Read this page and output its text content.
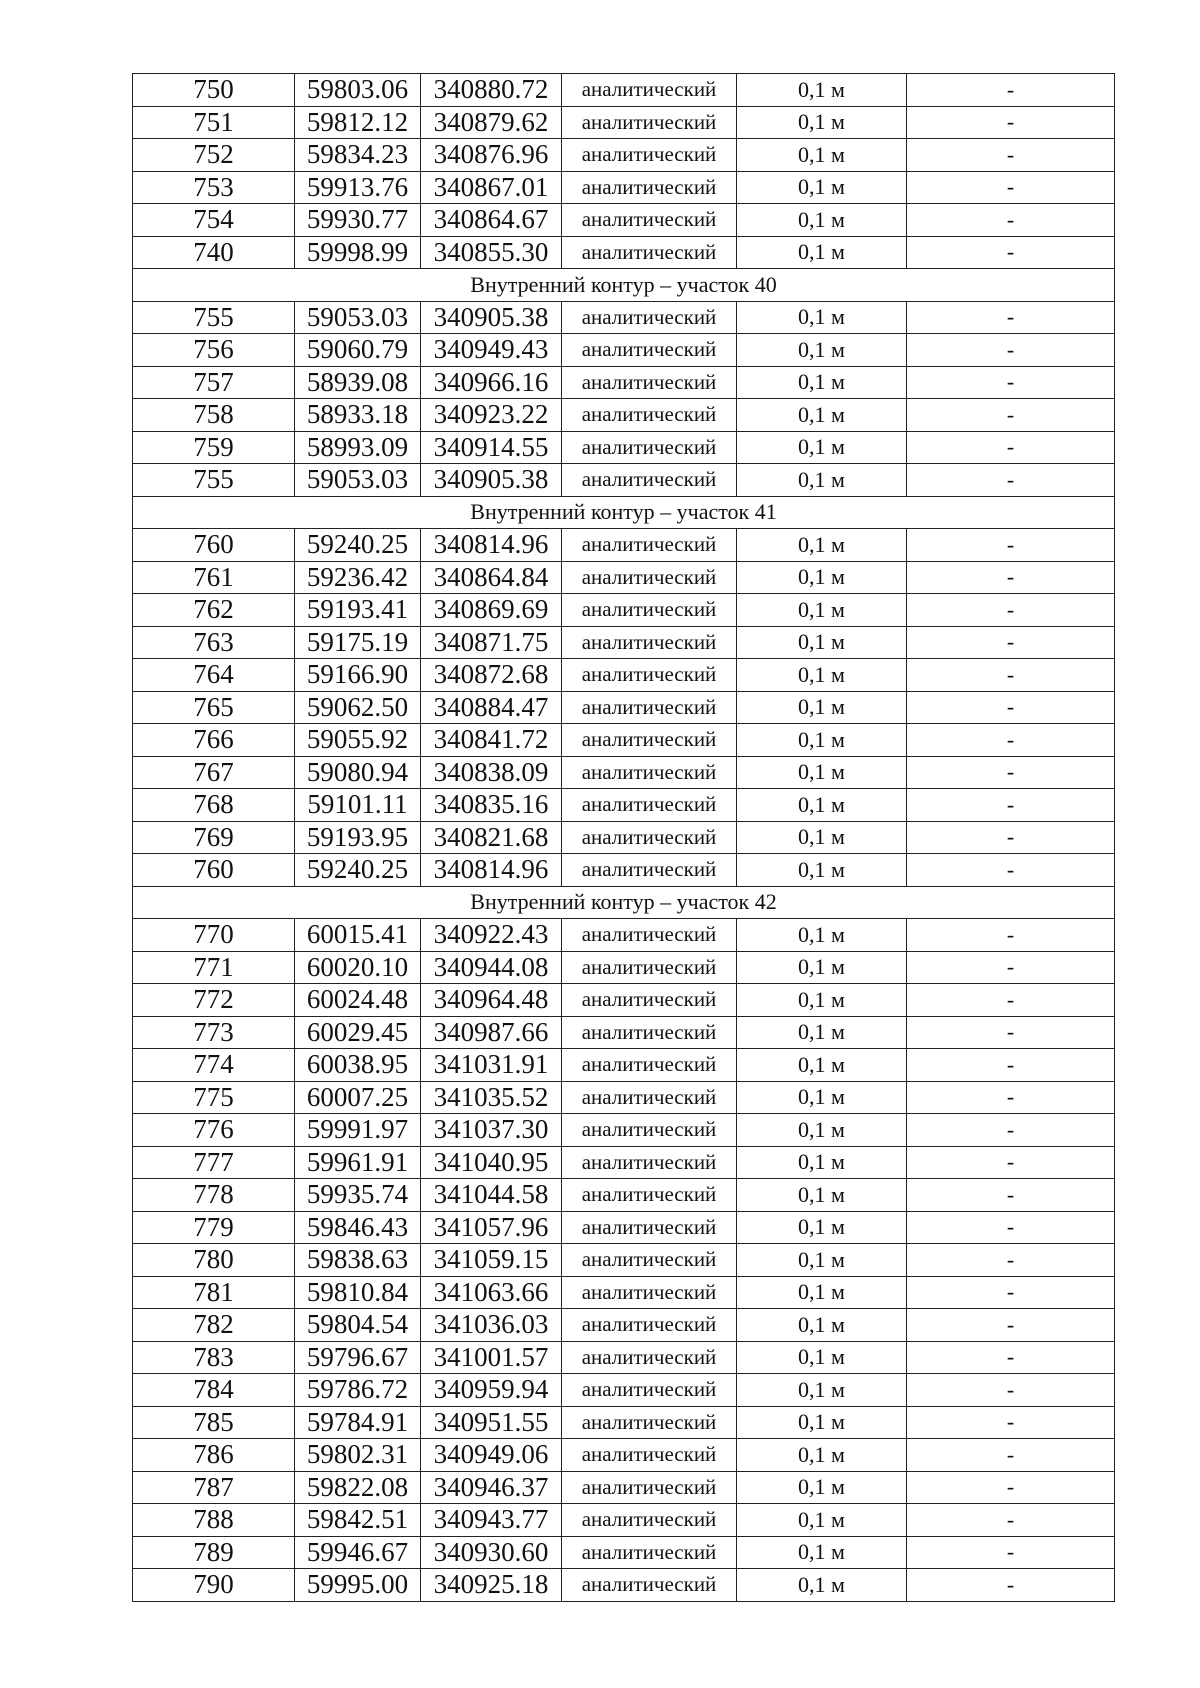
750	59803.06	340880.72	аналитический	0,1 м	-
751	59812.12	340879.62	аналитический	0,1 м	-
752	59834.23	340876.96	аналитический	0,1 м	-
753	59913.76	340867.01	аналитический	0,1 м	-
754	59930.77	340864.67	аналитический	0,1 м	-
740	59998.99	340855.30	аналитический	0,1 м	-
Внутренний контур – участок 40					
755	59053.03	340905.38	аналитический	0,1 м	-
756	59060.79	340949.43	аналитический	0,1 м	-
757	58939.08	340966.16	аналитический	0,1 м	-
758	58933.18	340923.22	аналитический	0,1 м	-
759	58993.09	340914.55	аналитический	0,1 м	-
755	59053.03	340905.38	аналитический	0,1 м	-
Внутренний контур – участок 41					
760	59240.25	340814.96	аналитический	0,1 м	-
761	59236.42	340864.84	аналитический	0,1 м	-
762	59193.41	340869.69	аналитический	0,1 м	-
763	59175.19	340871.75	аналитический	0,1 м	-
764	59166.90	340872.68	аналитический	0,1 м	-
765	59062.50	340884.47	аналитический	0,1 м	-
766	59055.92	340841.72	аналитический	0,1 м	-
767	59080.94	340838.09	аналитический	0,1 м	-
768	59101.11	340835.16	аналитический	0,1 м	-
769	59193.95	340821.68	аналитический	0,1 м	-
760	59240.25	340814.96	аналитический	0,1 м	-
Внутренний контур – участок 42					
770	60015.41	340922.43	аналитический	0,1 м	-
771	60020.10	340944.08	аналитический	0,1 м	-
772	60024.48	340964.48	аналитический	0,1 м	-
773	60029.45	340987.66	аналитический	0,1 м	-
774	60038.95	341031.91	аналитический	0,1 м	-
775	60007.25	341035.52	аналитический	0,1 м	-
776	59991.97	341037.30	аналитический	0,1 м	-
777	59961.91	341040.95	аналитический	0,1 м	-
778	59935.74	341044.58	аналитический	0,1 м	-
779	59846.43	341057.96	аналитический	0,1 м	-
780	59838.63	341059.15	аналитический	0,1 м	-
781	59810.84	341063.66	аналитический	0,1 м	-
782	59804.54	341036.03	аналитический	0,1 м	-
783	59796.67	341001.57	аналитический	0,1 м	-
784	59786.72	340959.94	аналитический	0,1 м	-
785	59784.91	340951.55	аналитический	0,1 м	-
786	59802.31	340949.06	аналитический	0,1 м	-
787	59822.08	340946.37	аналитический	0,1 м	-
788	59842.51	340943.77	аналитический	0,1 м	-
789	59946.67	340930.60	аналитический	0,1 м	-
790	59995.00	340925.18	аналитический	0,1 м	-
